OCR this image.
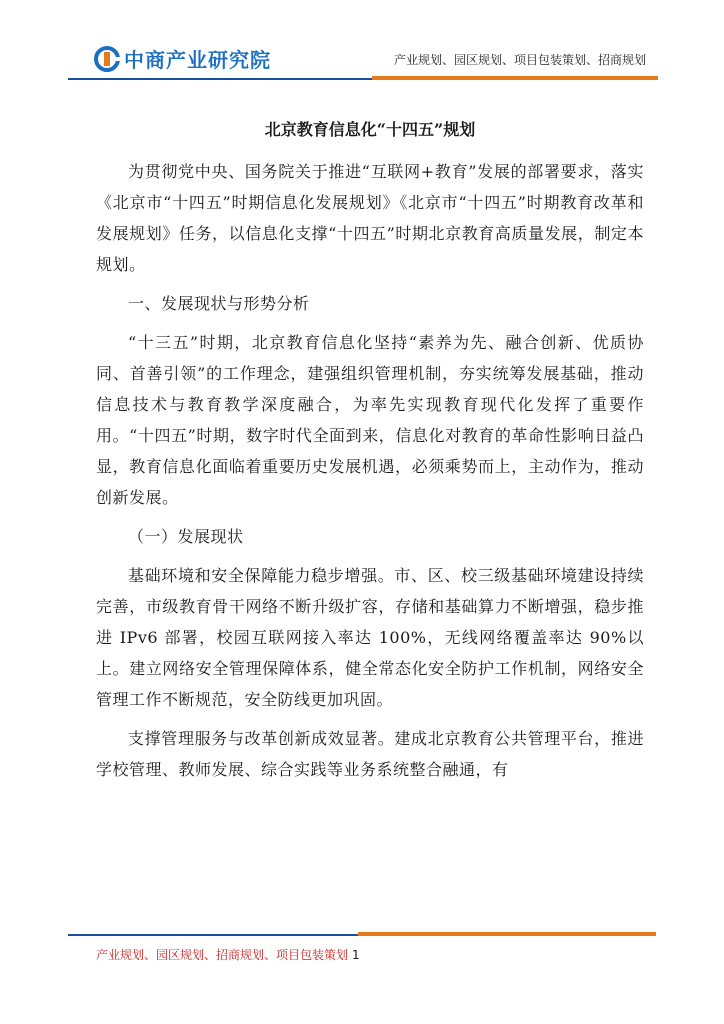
中商产业研究院	产业规划、园区规划、项目包装策划、招商规划
北京教育信息化“十四五”规划

为贯彻党中央、国务院关于推进“互联网+教育”发展的部署要求，落实《北京市“十四五”时期信息化发展规划》《北京市“十四五”时期教育改革和发展规划》任务，以信息化支撑“十四五”时期北京教育高质量发展，制定本规划。

一、发展现状与形势分析

“十三五”时期，北京教育信息化坚持“素养为先、融合创新、优质协同、首善引领”的工作理念，建强组织管理机制，夯实统筹发展基础，推动信息技术与教育教学深度融合，为率先实现教育现代化发挥了重要作用。“十四五”时期，数字时代全面到来，信息化对教育的革命性影响日益凸显，教育信息化面临着重要历史发展机遇，必须乘势而上，主动作为，推动创新发展。

（一）发展现状

基础环境和安全保障能力稳步增强。市、区、校三级基础环境建设持续完善，市级教育骨干网络不断升级扩容，存储和基础算力不断增强，稳步推进 IPv6 部署，校园互联网接入率达 100%，无线网络覆盖率达 90%以上。建立网络安全管理保障体系，健全常态化安全防护工作机制，网络安全管理工作不断规范，安全防线更加巩固。

支撑管理服务与改革创新成效显著。建成北京教育公共管理平台，推进学校管理、教师发展、综合实践等业务系统整合融通，有

产业规划、园区规划、招商规划、项目包装策划 1
